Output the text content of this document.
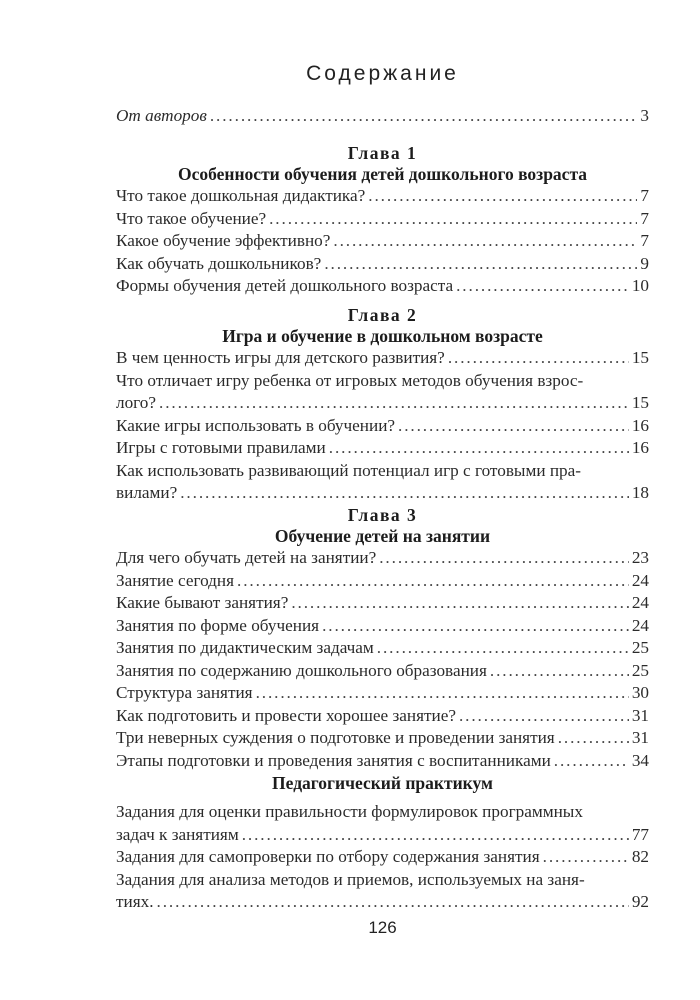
Содержание
От авторов . . .	3
Глава 1
Особенности обучения детей дошкольного возраста
Что такое дошкольная дидактика? . . .	7
Что такое обучение? . . .	7
Какое обучение эффективно? . . .	7
Как обучать дошкольников? . . .	9
Формы обучения детей дошкольного возраста . . .	10
Глава 2
Игра и обучение в дошкольном возрасте
В чем ценность игры для детского развития? . . .	15
Что отличает игру ребенка от игровых методов обучения взрос-
лого? . . .	15
Какие игры использовать в обучении? . . .	16
Игры с готовыми правилами . . .	16
Как использовать развивающий потенциал игр с готовыми пра-
вилами? . . .	18
Глава 3
Обучение детей на занятии
Для чего обучать детей на занятии? . . .	23
Занятие сегодня . . .	24
Какие бывают занятия? . . .	24
Занятия по форме обучения . . .	24
Занятия по дидактическим задачам . . .	25
Занятия по содержанию дошкольного образования . . .	25
Структура занятия . . .	30
Как подготовить и провести хорошее занятие? . . .	31
Три неверных суждения о подготовке и проведении занятия . . .	31
Этапы подготовки и проведения занятия с воспитанниками . . .	34
Педагогический практикум
Задания для оценки правильности формулировок программных
задач к занятиям . . .	77
Задания для самопроверки по отбору содержания занятия . . .	82
Задания для анализа методов и приемов, используемых на заня-
тиях. . . .	92
126
